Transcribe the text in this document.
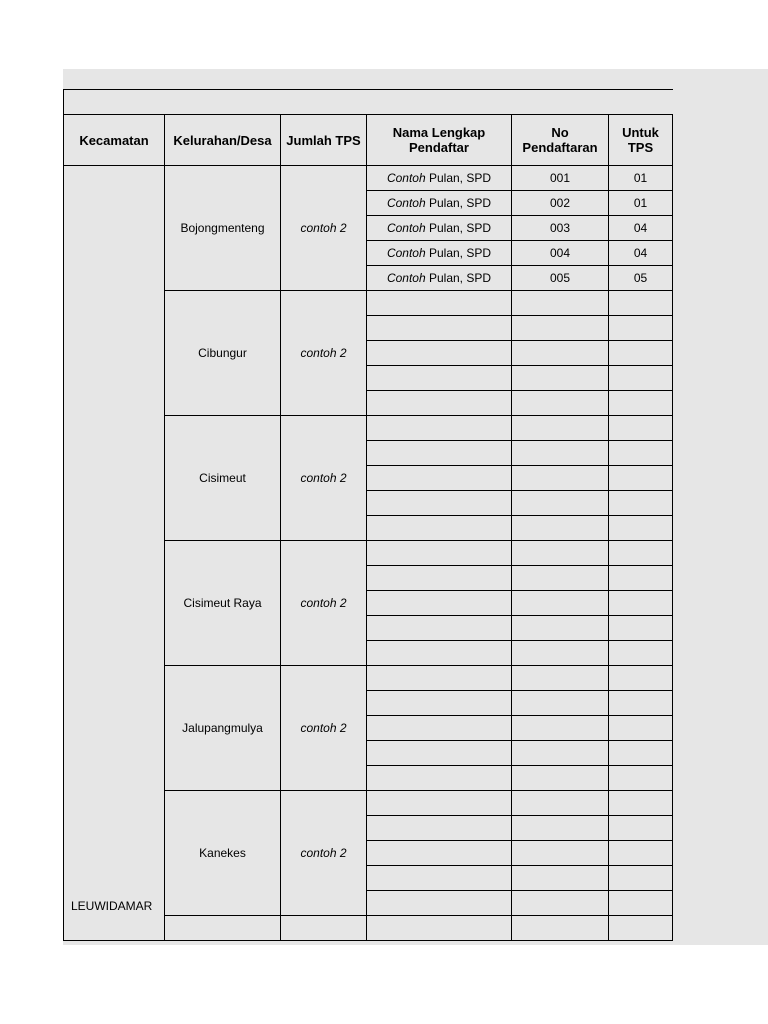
Kecamatan	Kelurahan/Desa	Jumlah TPS	Nama Lengkap Pendaftar	No Pendaftaran	Untuk TPS
LEUWIDAMAR	Bojongmenteng	contoh 2	Contoh Pulan, SPD	001	01
			Contoh Pulan, SPD	002	01
			Contoh Pulan, SPD	003	04
			Contoh Pulan, SPD	004	04
			Contoh Pulan, SPD	005	05
	Cibungur	contoh 2			

	Cisimeut	contoh 2			

	Cisimeut Raya	contoh 2			

	Jalupangmulya	contoh 2			

	Kanekes	contoh 2			
